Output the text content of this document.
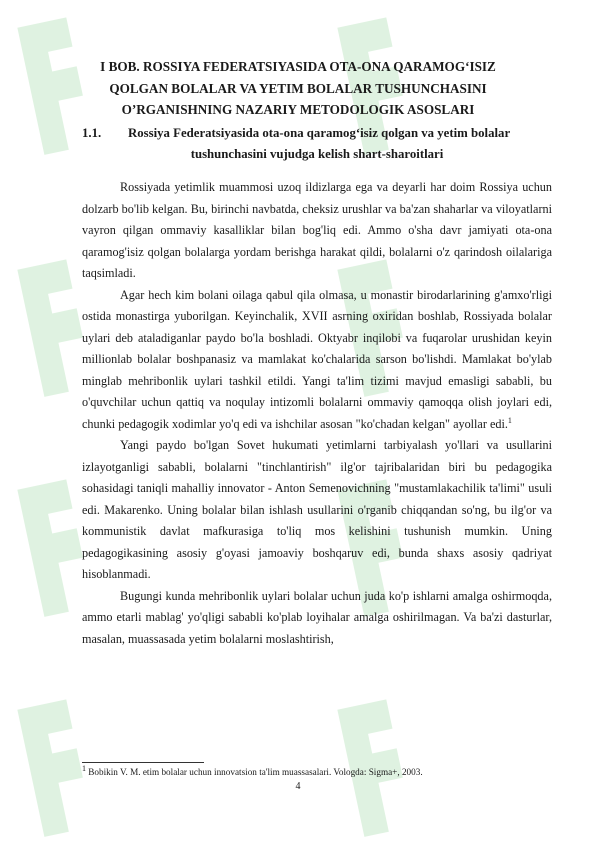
I BOB. ROSSIYA FEDERATSIYASIDA OTA-ONA QARAMOG‘ISIZ
QOLGAN BOLALAR VA YETIM BOLALAR TUSHUNCHASINI
O’RGANISHNING NAZARIY METODOLOGIK ASOSLARI
1.1. Rossiya Federatsiyasida ota-ona qaramog‘isiz qolgan va yetim bolalar
tushunchasini vujudga kelish shart-sharoitlari

Rossiyada yetimlik muammosi uzoq ildizlarga ega va deyarli har doim Rossiya uchun dolzarb bo'lib kelgan. Bu, birinchi navbatda, cheksiz urushlar va ba'zan shaharlar va viloyatlarni vayron qilgan ommaviy kasalliklar bilan bog'liq edi. Ammo o'sha davr jamiyati ota-ona qaramog'isiz qolgan bolalarga yordam berishga harakat qildi, bolalarni o'z qarindosh oilalariga taqsimladi.

Agar hech kim bolani oilaga qabul qila olmasa, u monastir birodarlarining g'amxo'rligi ostida monastirga yuborilgan. Keyinchalik, XVII asrning oxiridan boshlab, Rossiyada bolalar uylari deb ataladiganlar paydo bo'la boshladi. Oktyabr inqilobi va fuqarolar urushidan keyin millionlab bolalar boshpanasiz va mamlakat ko'chalarida sarson bo'lishdi. Mamlakat bo'ylab minglab mehribonlik uylari tashkil etildi. Yangi ta'lim tizimi mavjud emasligi sababli, bu o'quvchilar uchun qattiq va noqulay intizomli bolalarni ommaviy qamoqqa olish joylari edi, chunki pedagogik xodimlar yo'q edi va ishchilar asosan "ko'chadan kelgan" ayollar edi.$^1$

Yangi paydo bo'lgan Sovet hukumati yetimlarni tarbiyalash yo'llari va usullarini izlayotganligi sababli, bolalarni "tinchlantirish" ilg'or tajribalaridan biri bu pedagogika sohasidagi taniqli mahalliy innovator - Anton Semenovichning "mustamlakachilik ta'limi" usuli edi. Makarenko. Uning bolalar bilan ishlash usullarini o'rganib chiqqandan so'ng, bu ilg'or va kommunistik davlat mafkurasiga to'liq mos kelishini tushunish mumkin. Uning pedagogikasining asosiy g'oyasi jamoaviy boshqaruv edi, bunda shaxs asosiy qadriyat hisoblanmadi.

Bugungi kunda mehribonlik uylari bolalar uchun juda ko'p ishlarni amalga oshirmoqda, ammo etarli mablag' yo'qligi sababli ko'plab loyihalar amalga oshirilmagan. Va ba'zi dasturlar, masalan, muassasada yetim bolalarni moslashtirish,

$^1$ Bobikin V. M. etim bolalar uchun innovatsion ta'lim muassasalari. Vologda: Sigma+, 2003.
4
